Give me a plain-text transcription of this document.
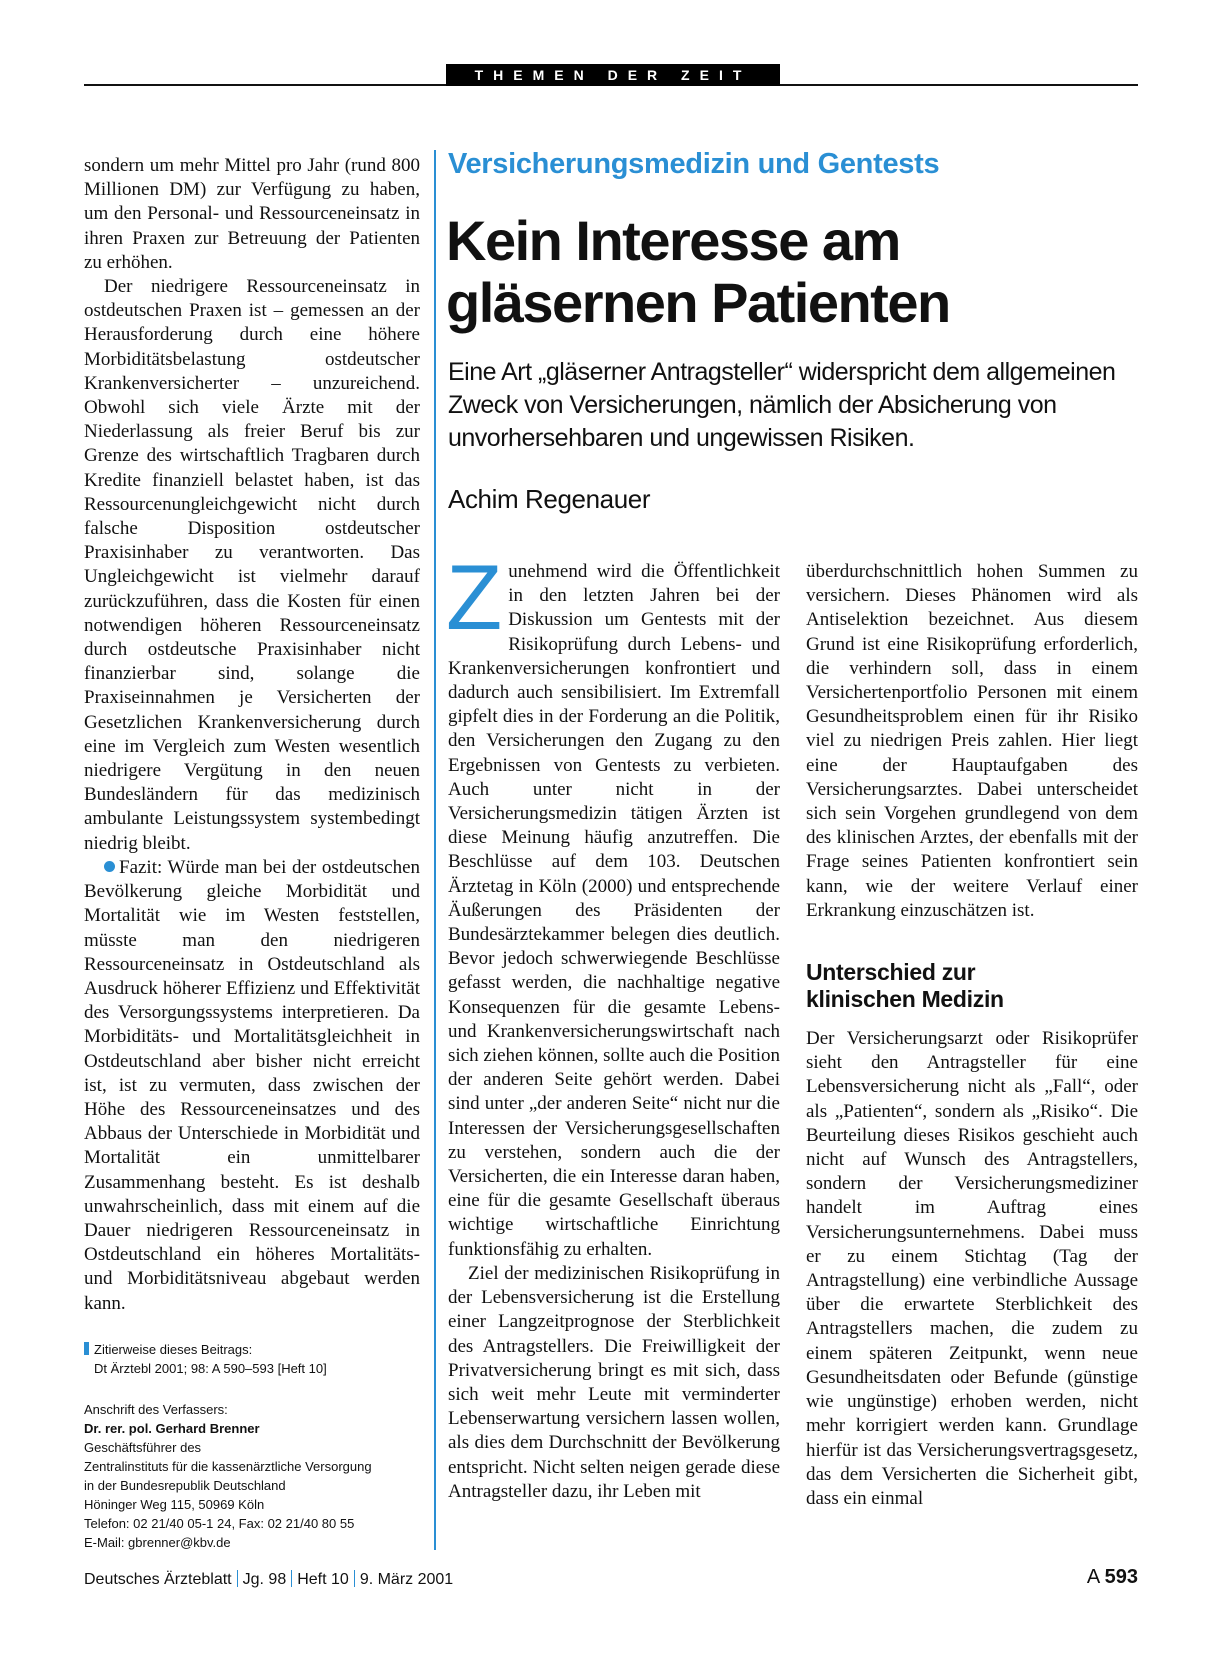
THEMEN DER ZEIT

sondern um mehr Mittel pro Jahr (rund 800 Millionen DM) zur Verfügung zu haben, um den Personal- und Ressourceneinsatz in ihren Praxen zur Betreuung der Patienten zu erhöhen.

Der niedrigere Ressourceneinsatz in ostdeutschen Praxen ist – gemessen an der Herausforderung durch eine höhere Morbiditätsbelastung ostdeutscher Krankenversicherter – unzureichend. Obwohl sich viele Ärzte mit der Niederlassung als freier Beruf bis zur Grenze des wirtschaftlich Tragbaren durch Kredite finanziell belastet haben, ist das Ressourcenungleichgewicht nicht durch falsche Disposition ostdeutscher Praxisinhaber zu verantworten. Das Ungleichgewicht ist vielmehr darauf zurückzuführen, dass die Kosten für einen notwendigen höheren Ressourceneinsatz durch ostdeutsche Praxisinhaber nicht finanzierbar sind, solange die Praxiseinnahmen je Versicherten der Gesetzlichen Krankenversicherung durch eine im Vergleich zum Westen wesentlich niedrigere Vergütung in den neuen Bundesländern für das medizinisch ambulante Leistungssystem systembedingt niedrig bleibt.

Fazit: Würde man bei der ostdeutschen Bevölkerung gleiche Morbidität und Mortalität wie im Westen feststellen, müsste man den niedrigeren Ressourceneinsatz in Ostdeutschland als Ausdruck höherer Effizienz und Effektivität des Versorgungssystems interpretieren. Da Morbiditäts- und Mortalitätsgleichheit in Ostdeutschland aber bisher nicht erreicht ist, ist zu vermuten, dass zwischen der Höhe des Ressourceneinsatzes und des Abbaus der Unterschiede in Morbidität und Mortalität ein unmittelbarer Zusammenhang besteht. Es ist deshalb unwahrscheinlich, dass mit einem auf die Dauer niedrigeren Ressourceneinsatz in Ostdeutschland ein höheres Mortalitäts- und Morbiditätsniveau abgebaut werden kann.

Zitierweise dieses Beitrags:
Dt Ärztebl 2001; 98: A 590–593 [Heft 10]
Anschrift des Verfassers:
Dr. rer. pol. Gerhard Brenner
Geschäftsführer des
Zentralinstituts für die kassenärztliche Versorgung
in der Bundesrepublik Deutschland
Höninger Weg 115, 50969 Köln
Telefon: 02 21/40 05-1 24, Fax: 02 21/40 80 55
E-Mail: gbrenner@kbv.de
Versicherungsmedizin und Gentests
Kein Interesse am
gläsernen Patienten

Eine Art „gläserner Antragsteller“ widerspricht dem allgemeinen Zweck von Versicherungen, nämlich der Absicherung von unvorhersehbaren und ungewissen Risiken.

Achim Regenauer

Zunehmend wird die Öffentlichkeit in den letzten Jahren bei der Diskussion um Gentests mit der Risikoprüfung durch Lebens- und Krankenversicherungen konfrontiert und dadurch auch sensibilisiert. Im Extremfall gipfelt dies in der Forderung an die Politik, den Versicherungen den Zugang zu den Ergebnissen von Gentests zu verbieten. Auch unter nicht in der Versicherungsmedizin tätigen Ärzten ist diese Meinung häufig anzutreffen. Die Beschlüsse auf dem 103. Deutschen Ärztetag in Köln (2000) und entsprechende Äußerungen des Präsidenten der Bundesärztekammer belegen dies deutlich. Bevor jedoch schwerwiegende Beschlüsse gefasst werden, die nachhaltige negative Konsequenzen für die gesamte Lebens- und Krankenversicherungswirtschaft nach sich ziehen können, sollte auch die Position der anderen Seite gehört werden. Dabei sind unter „der anderen Seite“ nicht nur die Interessen der Versicherungsgesellschaften zu verstehen, sondern auch die der Versicherten, die ein Interesse daran haben, eine für die gesamte Gesellschaft überaus wichtige wirtschaftliche Einrichtung funktionsfähig zu erhalten.

Ziel der medizinischen Risikoprüfung in der Lebensversicherung ist die Erstellung einer Langzeitprognose der Sterblichkeit des Antragstellers. Die Freiwilligkeit der Privatversicherung bringt es mit sich, dass sich weit mehr Leute mit verminderter Lebenserwartung versichern lassen wollen, als dies dem Durchschnitt der Bevölkerung entspricht. Nicht selten neigen gerade diese Antragsteller dazu, ihr Leben mit

überdurchschnittlich hohen Summen zu versichern. Dieses Phänomen wird als Antiselektion bezeichnet. Aus diesem Grund ist eine Risikoprüfung erforderlich, die verhindern soll, dass in einem Versichertenportfolio Personen mit einem Gesundheitsproblem einen für ihr Risiko viel zu niedrigen Preis zahlen. Hier liegt eine der Hauptaufgaben des Versicherungsarztes. Dabei unterscheidet sich sein Vorgehen grundlegend von dem des klinischen Arztes, der ebenfalls mit der Frage seines Patienten konfrontiert sein kann, wie der weitere Verlauf einer Erkrankung einzuschätzen ist.

Unterschied zur
klinischen Medizin

Der Versicherungsarzt oder Risikoprüfer sieht den Antragsteller für eine Lebensversicherung nicht als „Fall“, oder als „Patienten“, sondern als „Risiko“. Die Beurteilung dieses Risikos geschieht auch nicht auf Wunsch des Antragstellers, sondern der Versicherungsmediziner handelt im Auftrag eines Versicherungsunternehmens. Dabei muss er zu einem Stichtag (Tag der Antragstellung) eine verbindliche Aussage über die erwartete Sterblichkeit des Antragstellers machen, die zudem zu einem späteren Zeitpunkt, wenn neue Gesundheitsdaten oder Befunde (günstige wie ungünstige) erhoben werden, nicht mehr korrigiert werden kann. Grundlage hierfür ist das Versicherungsvertragsgesetz, das dem Versicherten die Sicherheit gibt, dass ein einmal

Deutsches Ärzteblatt Jg. 98 Heft 10 9. März 2001	A 593
